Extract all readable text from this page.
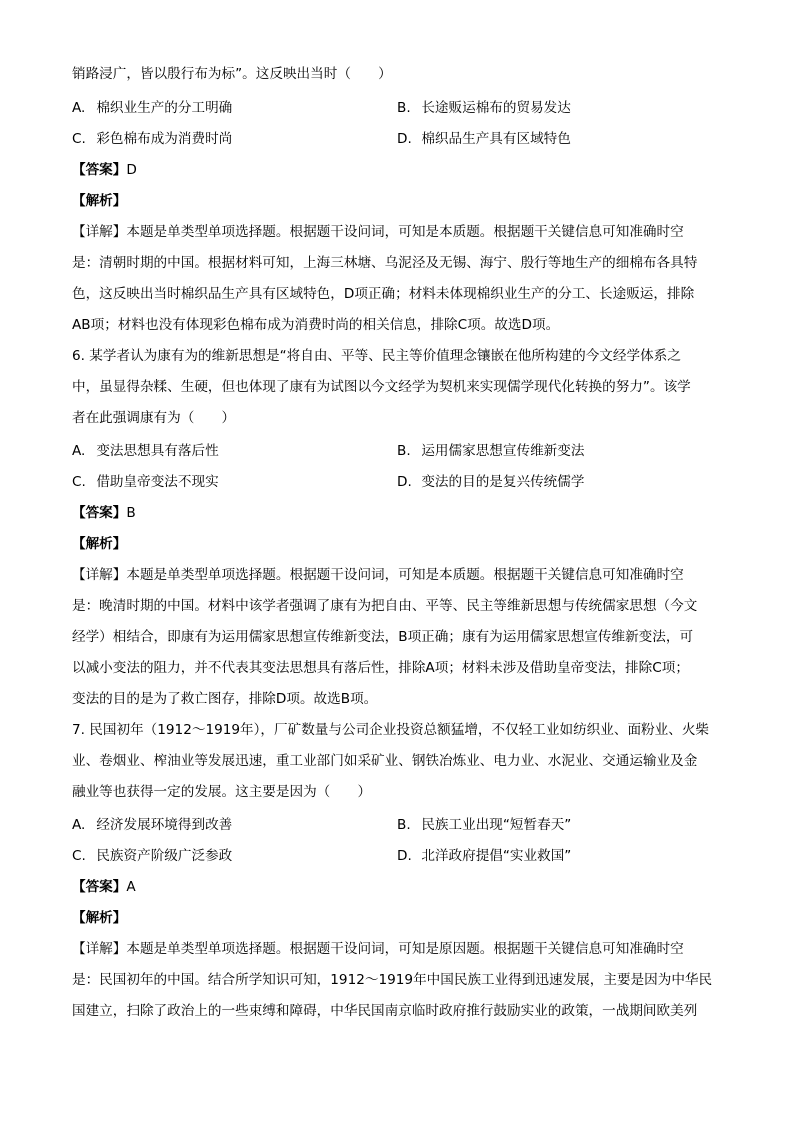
销路浸广，皆以殷行布为标”。这反映出当时（　　）
A. 棉织业生产的分工明确	B. 长途贩运棉布的贸易发达
C. 彩色棉布成为消费时尚	D. 棉织品生产具有区域特色
【答案】D
【解析】
【详解】本题是单类型单项选择题。根据题干设问词，可知是本质题。根据题干关键信息可知准确时空
是：清朝时期的中国。根据材料可知，上海三林塘、乌泥泾及无锡、海宁、殷行等地生产的细棉布各具特
色，这反映出当时棉织品生产具有区域特色，D项正确；材料未体现棉织业生产的分工、长途贩运，排除
AB项；材料也没有体现彩色棉布成为消费时尚的相关信息，排除C项。故选D项。
6. 某学者认为康有为的维新思想是“将自由、平等、民主等价值理念镶嵌在他所构建的今文经学体系之
中，虽显得杂糅、生硬，但也体现了康有为试图以今文经学为契机来实现儒学现代化转换的努力”。该学
者在此强调康有为（　　）
A. 变法思想具有落后性	B. 运用儒家思想宣传维新变法
C. 借助皇帝变法不现实	D. 变法的目的是复兴传统儒学
【答案】B
【解析】
【详解】本题是单类型单项选择题。根据题干设问词，可知是本质题。根据题干关键信息可知准确时空
是：晚清时期的中国。材料中该学者强调了康有为把自由、平等、民主等维新思想与传统儒家思想（今文
经学）相结合，即康有为运用儒家思想宣传维新变法，B项正确；康有为运用儒家思想宣传维新变法，可
以减小变法的阻力，并不代表其变法思想具有落后性，排除A项；材料未涉及借助皇帝变法，排除C项；
变法的目的是为了救亡图存，排除D项。故选B项。
7. 民国初年（1912～1919年），厂矿数量与公司企业投资总额猛增，不仅轻工业如纺织业、面粉业、火柴
业、卷烟业、榨油业等发展迅速，重工业部门如采矿业、钢铁冶炼业、电力业、水泥业、交通运输业及金
融业等也获得一定的发展。这主要是因为（　　）
A. 经济发展环境得到改善	B. 民族工业出现“短暂春天”
C. 民族资产阶级广泛参政	D. 北洋政府提倡“实业救国”
【答案】A
【解析】
【详解】本题是单类型单项选择题。根据题干设问词，可知是原因题。根据题干关键信息可知准确时空
是：民国初年的中国。结合所学知识可知，1912～1919年中国民族工业得到迅速发展，主要是因为中华民
国建立，扫除了政治上的一些束缚和障碍，中华民国南京临时政府推行鼓励实业的政策，一战期间欧美列
